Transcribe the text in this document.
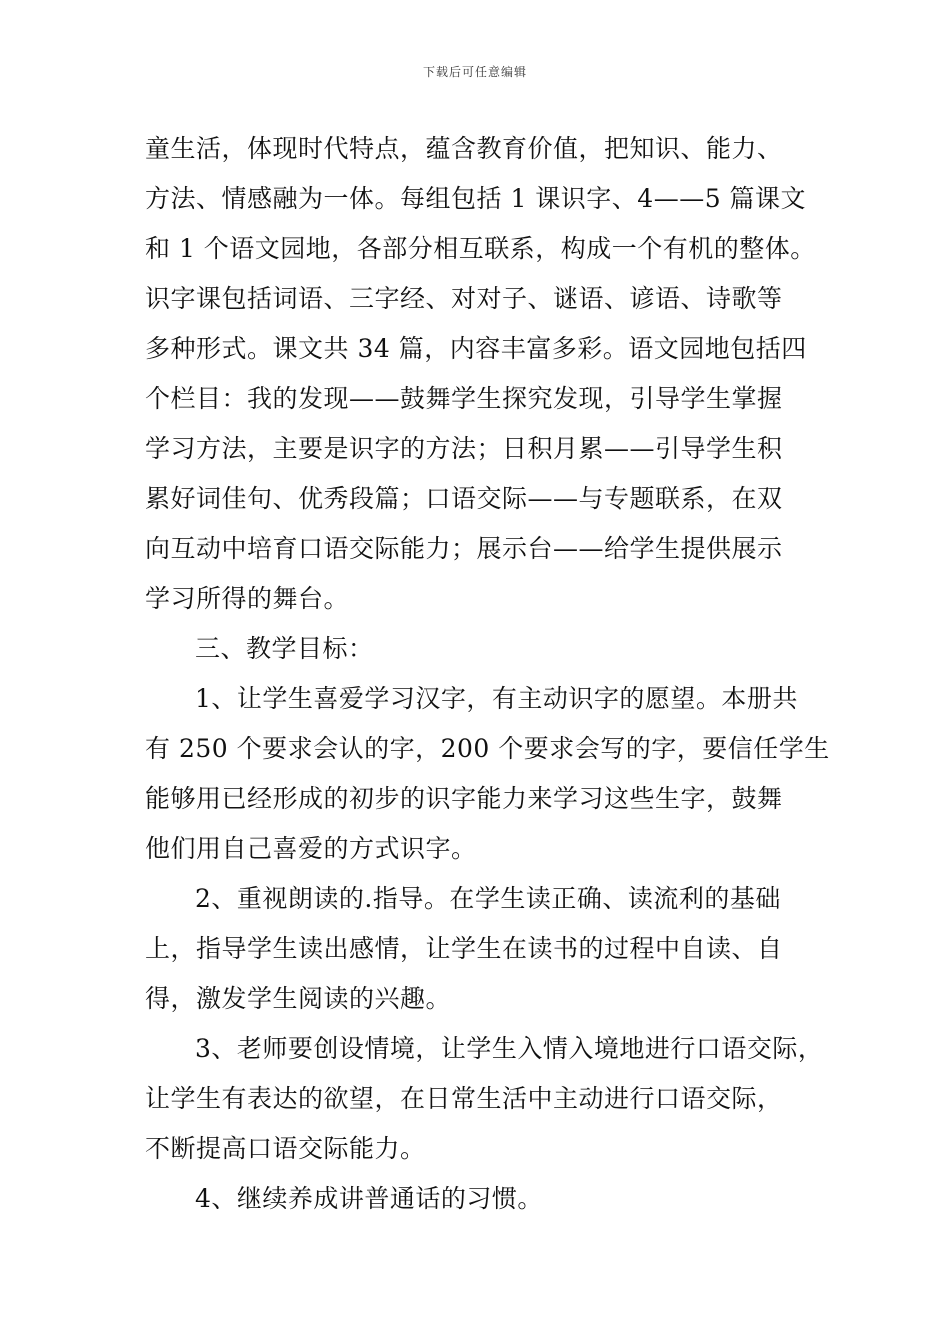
下载后可任意编辑
童生活，体现时代特点，蕴含教育价值，把知识、能力、
方法、情感融为一体。每组包括 1 课识字、4——5 篇课文
和 1 个语文园地，各部分相互联系，构成一个有机的整体。
识字课包括词语、三字经、对对子、谜语、谚语、诗歌等
多种形式。课文共 34 篇，内容丰富多彩。语文园地包括四
个栏目：我的发现——鼓舞学生探究发现，引导学生掌握
学习方法，主要是识字的方法；日积月累——引导学生积
累好词佳句、优秀段篇；口语交际——与专题联系，在双
向互动中培育口语交际能力；展示台——给学生提供展示
学习所得的舞台。
三、教学目标：
1、让学生喜爱学习汉字，有主动识字的愿望。本册共
有 250 个要求会认的字，200 个要求会写的字，要信任学生
能够用已经形成的初步的识字能力来学习这些生字，鼓舞
他们用自己喜爱的方式识字。
2、重视朗读的.指导。在学生读正确、读流利的基础
上，指导学生读出感情，让学生在读书的过程中自读、自
得，激发学生阅读的兴趣。
3、老师要创设情境，让学生入情入境地进行口语交际，
让学生有表达的欲望，在日常生活中主动进行口语交际，
不断提高口语交际能力。
4、继续养成讲普通话的习惯。
